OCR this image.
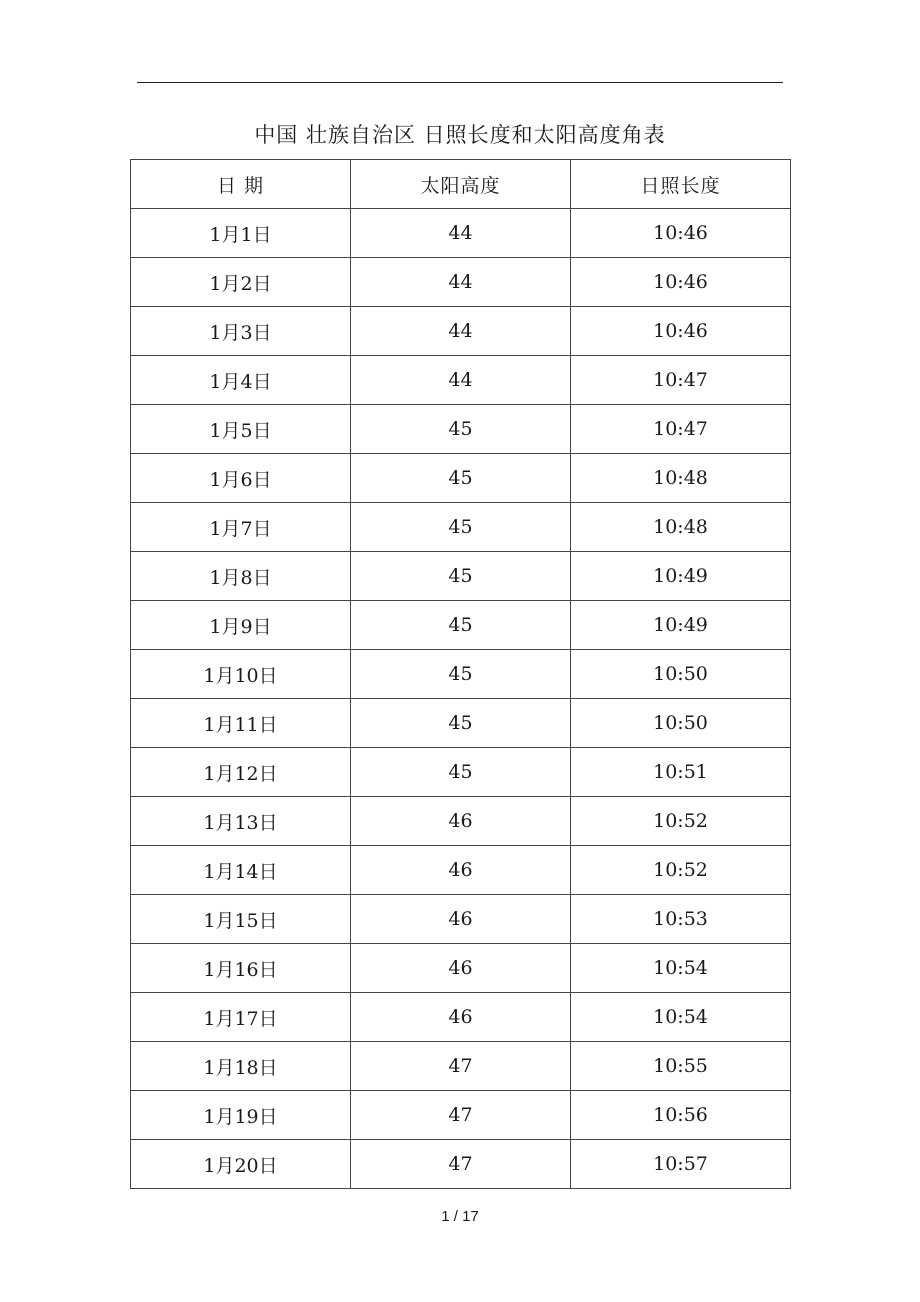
中国 壮族自治区 日照长度和太阳高度角表
日 期	太阳高度	日照长度
1月1日	44	10:46
1月2日	44	10:46
1月3日	44	10:46
1月4日	44	10:47
1月5日	45	10:47
1月6日	45	10:48
1月7日	45	10:48
1月8日	45	10:49
1月9日	45	10:49
1月10日	45	10:50
1月11日	45	10:50
1月12日	45	10:51
1月13日	46	10:52
1月14日	46	10:52
1月15日	46	10:53
1月16日	46	10:54
1月17日	46	10:54
1月18日	47	10:55
1月19日	47	10:56
1月20日	47	10:57
1 / 17
